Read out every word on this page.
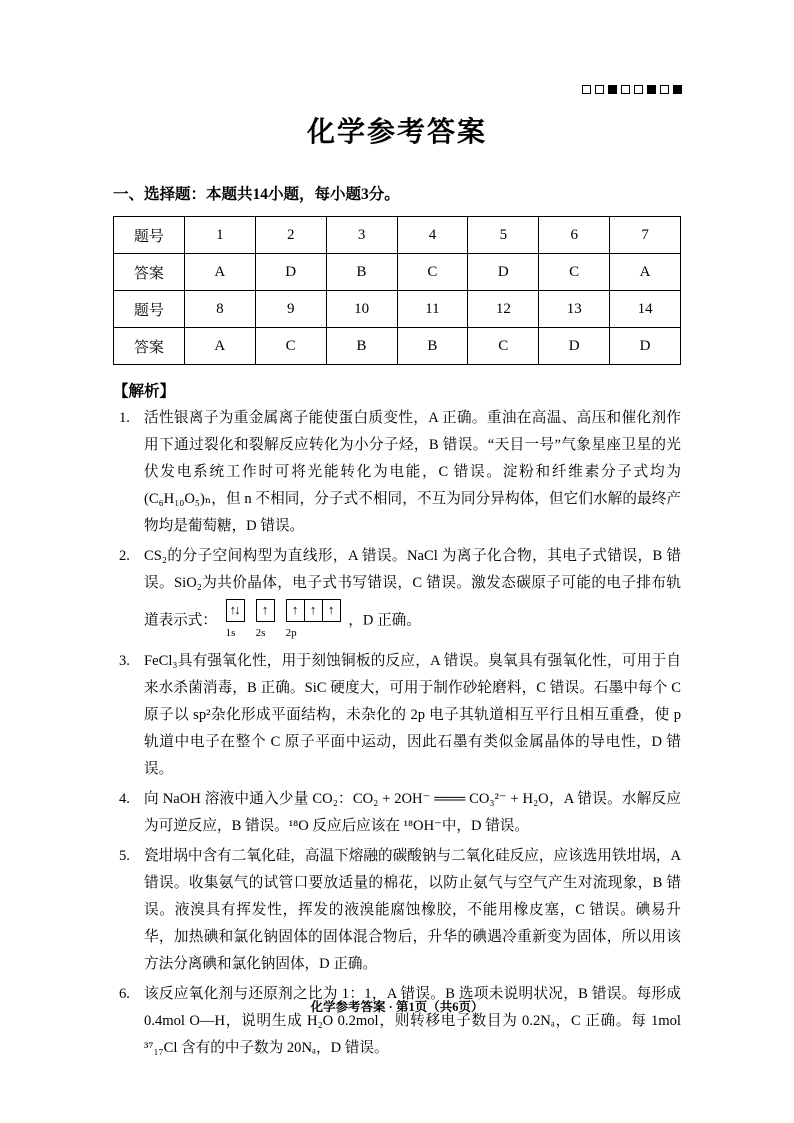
化学参考答案
一、选择题：本题共14小题，每小题3分。
题号	1	2	3	4	5	6	7
答案	A	D	B	C	D	C	A
题号	8	9	10	11	12	13	14
答案	A	C	B	B	C	D	D
【解析】
1. 活性银离子为重金属离子能使蛋白质变性，A 正确。重油在高温、高压和催化剂作用下通过裂化和裂解反应转化为小分子烃，B 错误。“天目一号”气象星座卫星的光伏发电系统工作时可将光能转化为电能，C 错误。淀粉和纤维素分子式均为(C₆H₁₀O₅)ₙ，但 n 不相同，分子式不相同，不互为同分异构体，但它们水解的最终产物均是葡萄糖，D 错误。
2. CS₂的分子空间构型为直线形，A 错误。NaCl 为离子化合物，其电子式错误，B 错误。SiO₂为共价晶体，电子式书写错误，C 错误。激发态碳原子可能的电子排布轨道表示式：
↑↓
1s
↑
2s
↑	↑	↑
2p
，D 正确。
3. FeCl₃具有强氧化性，用于刻蚀铜板的反应，A 错误。臭氧具有强氧化性，可用于自来水杀菌消毒，B 正确。SiC 硬度大，可用于制作砂轮磨料，C 错误。石墨中每个 C 原子以 sp²杂化形成平面结构，未杂化的 2p 电子其轨道相互平行且相互重叠，使 p 轨道中电子在整个 C 原子平面中运动，因此石墨有类似金属晶体的导电性，D 错误。
4. 向 NaOH 溶液中通入少量 CO₂：CO₂ + 2OH⁻ ═══ CO₃²⁻ + H₂O，A 错误。水解反应为可逆反应，B 错误。¹⁸O 反应后应该在 ¹⁸OH⁻中，D 错误。
5. 瓷坩埚中含有二氧化硅，高温下熔融的碳酸钠与二氧化硅反应，应该选用铁坩埚，A 错误。收集氨气的试管口要放适量的棉花，以防止氨气与空气产生对流现象，B 错误。液溴具有挥发性，挥发的液溴能腐蚀橡胶，不能用橡皮塞，C 错误。碘易升华，加热碘和氯化钠固体的固体混合物后，升华的碘遇冷重新变为固体，所以用该方法分离碘和氯化钠固体，D 正确。
6. 该反应氧化剂与还原剂之比为 1：1，A 错误。B 选项未说明状况，B 错误。每形成 0.4mol O—H，说明生成 H₂O 0.2mol，则转移电子数目为 0.2Nₐ，C 正确。每 1mol ³⁷₁₇Cl 含有的中子数为 20Nₐ，D 错误。
化学参考答案 · 第1页（共6页）
